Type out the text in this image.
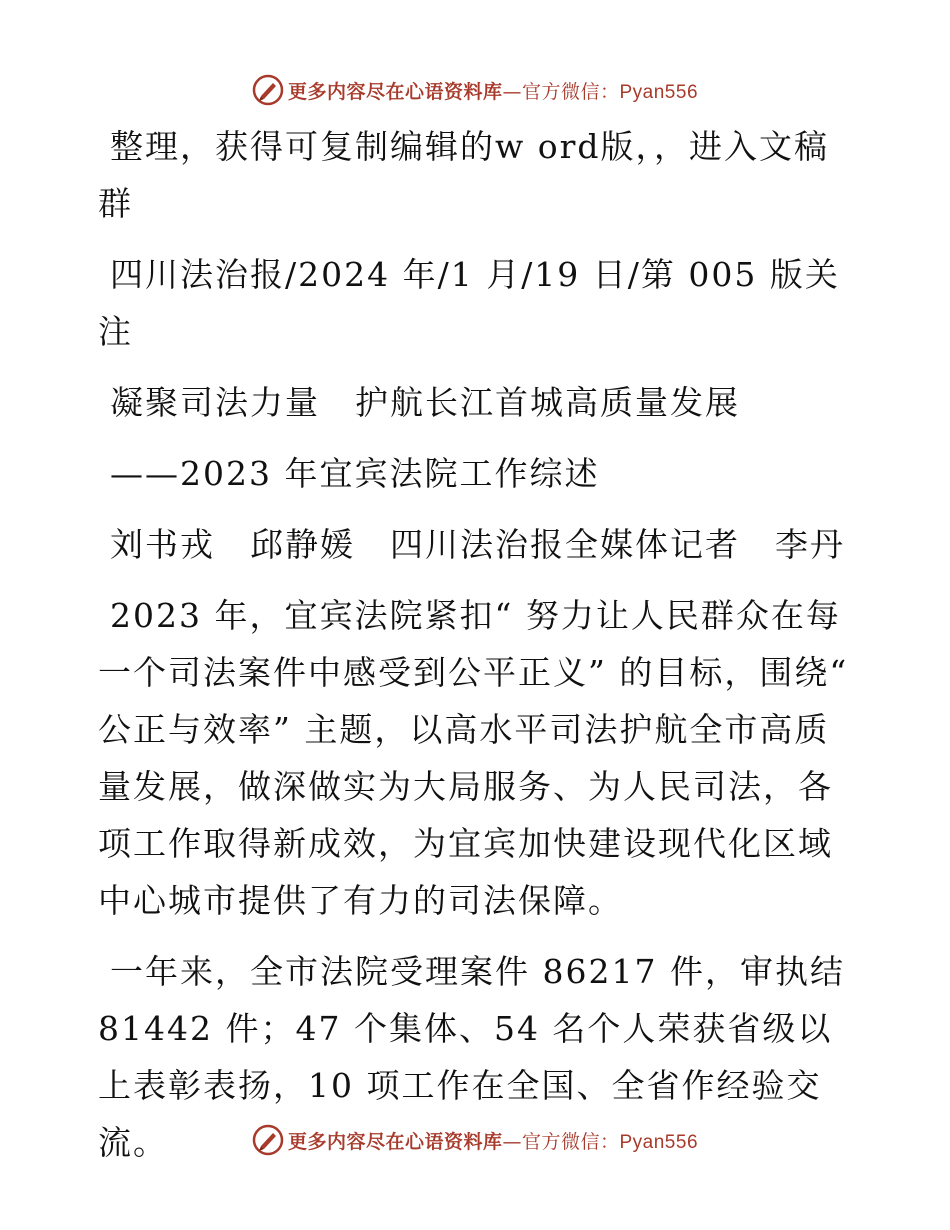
更多内容尽在心语资料库—官方微信：Pyan556

整理，获得可复制编辑的w ord版，，进入文稿群

四川法治报/2024 年/1 月/19 日/第 005 版关注

凝聚司法力量　护航长江首城高质量发展

——2023 年宜宾法院工作综述

刘书戎　邱静媛　四川法治报全媒体记者　李丹

2023 年，宜宾法院紧扣“ 努力让人民群众在每一个司法案件中感受到公平正义” 的目标，围绕“ 公正与效率” 主题，以高水平司法护航全市高质量发展，做深做实为大局服务、为人民司法，各项工作取得新成效，为宜宾加快建设现代化区域中心城市提供了有力的司法保障。

一年来，全市法院受理案件 86217 件，审执结 81442 件；47 个集体、54 名个人荣获省级以上表彰表扬，10 项工作在全国、全省作经验交流。	更多内容尽在心语资料库—官方微信：Pyan556
